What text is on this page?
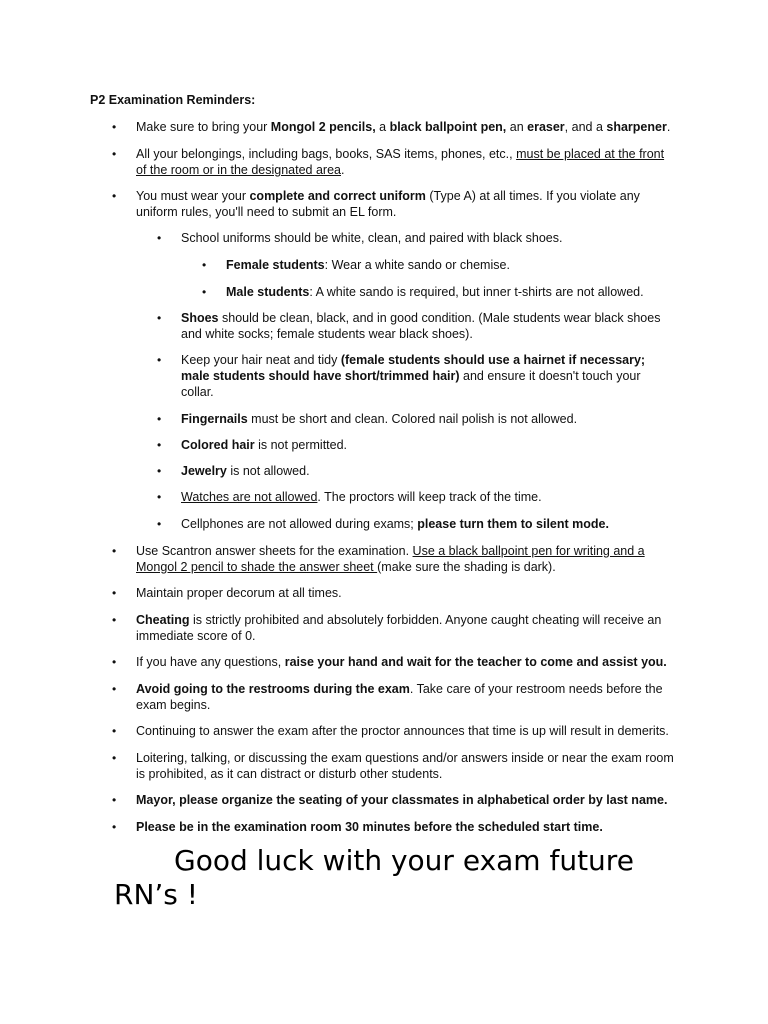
P2 Examination Reminders:

• Make sure to bring your Mongol 2 pencils, a black ballpoint pen, an eraser, and a sharpener.
• All your belongings, including bags, books, SAS items, phones, etc., must be placed at the front of the room or in the designated area.
• You must wear your complete and correct uniform (Type A) at all times. If you violate any uniform rules, you'll need to submit an EL form.
• School uniforms should be white, clean, and paired with black shoes.
• Female students: Wear a white sando or chemise.
• Male students: A white sando is required, but inner t-shirts are not allowed.
• Shoes should be clean, black, and in good condition. (Male students wear black shoes and white socks; female students wear black shoes).
• Keep your hair neat and tidy (female students should use a hairnet if necessary; male students should have short/trimmed hair) and ensure it doesn't touch your collar.
• Fingernails must be short and clean. Colored nail polish is not allowed.
• Colored hair is not permitted.
• Jewelry is not allowed.
• Watches are not allowed. The proctors will keep track of the time.
• Cellphones are not allowed during exams; please turn them to silent mode.
• Use Scantron answer sheets for the examination. Use a black ballpoint pen for writing and a Mongol 2 pencil to shade the answer sheet (make sure the shading is dark).
• Maintain proper decorum at all times.
• Cheating is strictly prohibited and absolutely forbidden. Anyone caught cheating will receive an immediate score of 0.
• If you have any questions, raise your hand and wait for the teacher to come and assist you.
• Avoid going to the restrooms during the exam. Take care of your restroom needs before the exam begins.
• Continuing to answer the exam after the proctor announces that time is up will result in demerits.
• Loitering, talking, or discussing the exam questions and/or answers inside or near the exam room is prohibited, as it can distract or disturb other students.
• Mayor, please organize the seating of your classmates in alphabetical order by last name.
• Please be in the examination room 30 minutes before the scheduled start time.

Good luck with your exam future RN’s !
